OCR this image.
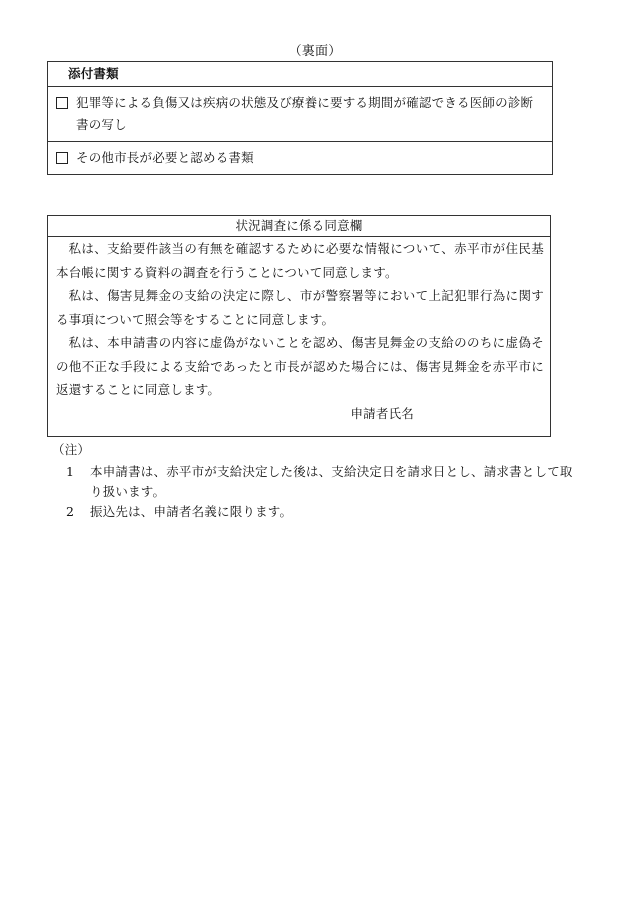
（裏面）
添付書類
犯罪等による負傷又は疾病の状態及び療養に要する期間が確認できる医師の診断書の写し
その他市長が必要と認める書類
状況調査に係る同意欄

私は、支給要件該当の有無を確認するために必要な情報について、赤平市が住民基本台帳に関する資料の調査を行うことについて同意します。

私は、傷害見舞金の支給の決定に際し、市が警察署等において上記犯罪行為に関する事項について照会等をすることに同意します。

私は、本申請書の内容に虚偽がないことを認め、傷害見舞金の支給ののちに虚偽その他不正な手段による支給であったと市長が認めた場合には、傷害見舞金を赤平市に返還することに同意します。

申請者氏名
（注）
1	本申請書は、赤平市が支給決定した後は、支給決定日を請求日とし、請求書として取り扱います。
2	振込先は、申請者名義に限ります。
